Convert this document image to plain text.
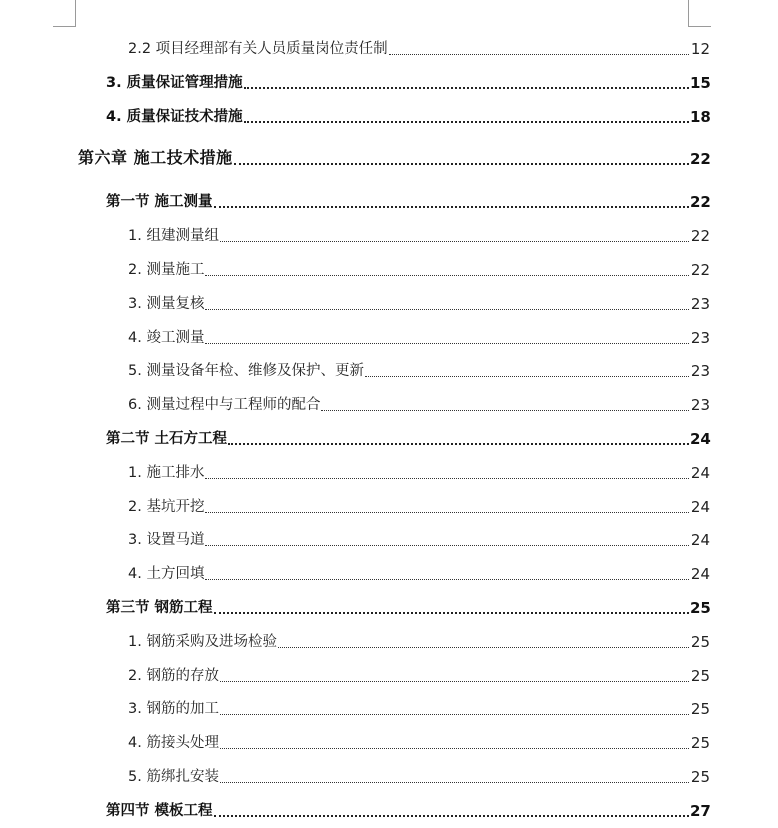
2.2 项目经理部有关人员质量岗位责任制	12
3. 质量保证管理措施	15
4. 质量保证技术措施	18
第六章 施工技术措施	22
第一节 施工测量	22
1. 组建测量组	22
2. 测量施工	22
3. 测量复核	23
4. 竣工测量	23
5. 测量设备年检、维修及保护、更新	23
6. 测量过程中与工程师的配合	23
第二节 土石方工程	24
1. 施工排水	24
2. 基坑开挖	24
3. 设置马道	24
4. 土方回填	24
第三节 钢筋工程	25
1. 钢筋采购及进场检验	25
2. 钢筋的存放	25
3. 钢筋的加工	25
4. 筋接头处理	25
5. 筋绑扎安装	25
第四节 模板工程	27
